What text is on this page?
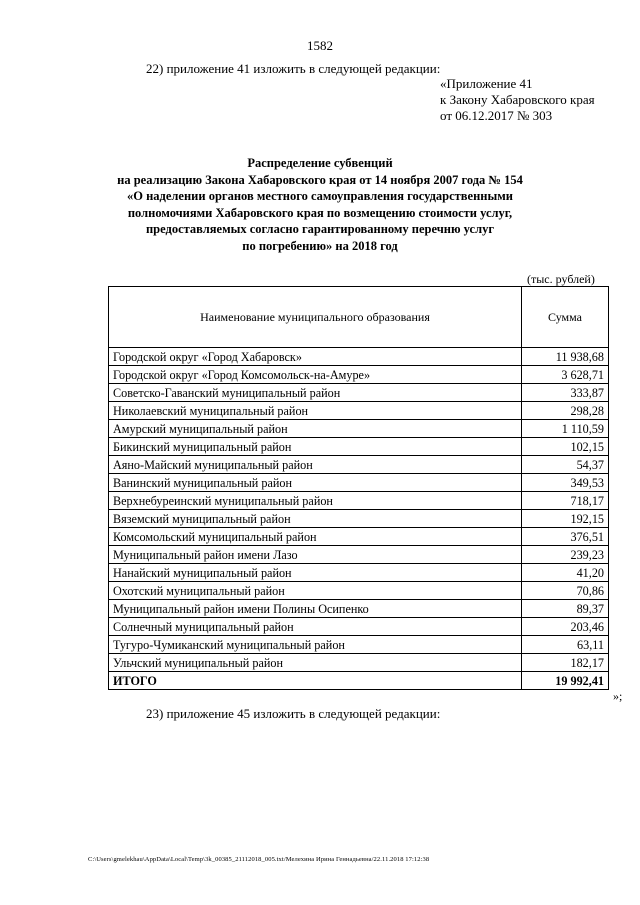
1582
22) приложение 41 изложить в следующей редакции:
«Приложение 41
к Закону Хабаровского края
от 06.12.2017 № 303
Распределение субвенций
на реализацию Закона Хабаровского края от 14 ноября 2007 года № 154
«О наделении органов местного самоуправления государственными
полномочиями Хабаровского края по возмещению стоимости услуг,
предоставляемых согласно гарантированному перечню услуг
по погребению» на 2018 год
(тыс. рублей)
Наименование муниципального образования	Сумма
Городской округ «Город Хабаровск»	11 938,68
Городской округ «Город Комсомольск-на-Амуре»	3 628,71
Советско-Гаванский муниципальный район	333,87
Николаевский муниципальный район	298,28
Амурский муниципальный район	1 110,59
Бикинский муниципальный район	102,15
Аяно-Майский муниципальный район	54,37
Ванинский муниципальный район	349,53
Верхнебуреинский муниципальный район	718,17
Вяземский муниципальный район	192,15
Комсомольский муниципальный район	376,51
Муниципальный район имени Лазо	239,23
Нанайский муниципальный район	41,20
Охотский муниципальный район	70,86
Муниципальный район имени Полины Осипенко	89,37
Солнечный муниципальный район	203,46
Тугуро-Чумиканский муниципальный район	63,11
Ульчский муниципальный район	182,17
ИТОГО	19 992,41
»;
23) приложение 45 изложить в следующей редакции:
C:\Users\gmelekhau\AppData\Local\Temp\3k_00385_21112018_005.txt/Мелехина Ирина Геннадьевна/22.11.2018 17:12:38
